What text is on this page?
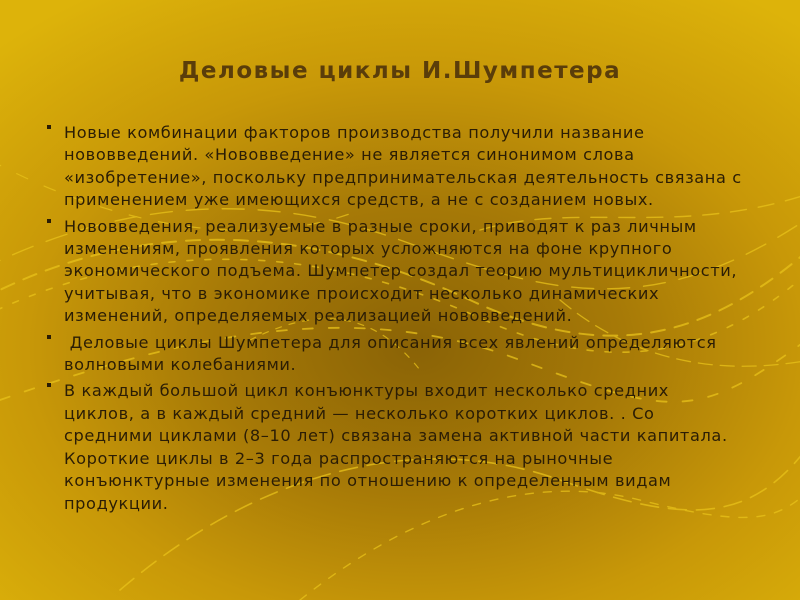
Деловые циклы И.Шумпетера
Новые комбинации факторов производства получили название нововведений. «Нововведение» не является синонимом слова «изобретение», поскольку предпринимательская деятельность связана с применением уже имеющихся средств, а не с созданием новых.
Нововведения, реализуемые в разные сроки, приводят к раз личным изменениям, проявления которых усложняются на фоне крупного экономического подъема. Шумпетер создал теорию мультицикличности, учитывая, что в экономике происходит несколько динамических изменений, определяемых реализацией нововведений.
Деловые циклы Шумпетера для описания всех явлений определяются волновыми колебаниями.
В каждый большой цикл конъюнктуры входит несколько средних циклов, а в каждый средний — несколько коротких циклов. . Со средними циклами (8–10 лет) связана замена активной части капитала. Короткие циклы в 2–3 года распространяются на рыночные конъюнктурные изменения по отношению к определенным видам продукции.
